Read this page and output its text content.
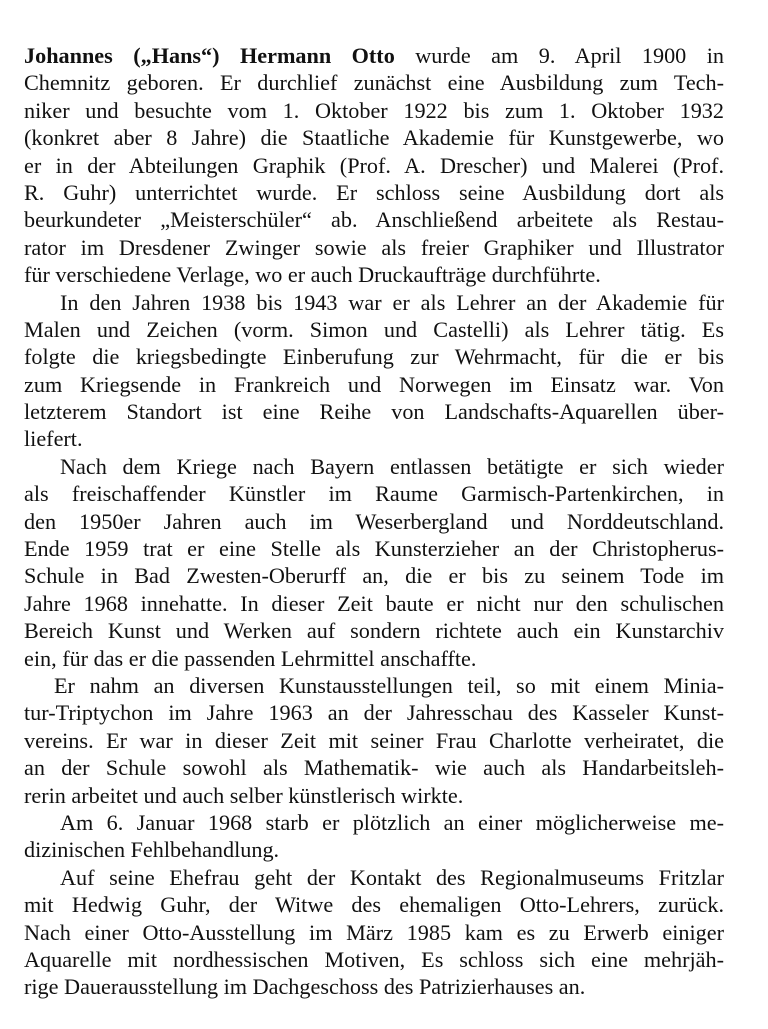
Johannes („Hans“) Hermann Otto wurde am 9. April 1900 in
Chemnitz geboren. Er durchlief zunächst eine Ausbildung zum Tech-
niker und besuchte vom 1. Oktober 1922 bis zum 1. Oktober 1932
(konkret aber 8 Jahre) die Staatliche Akademie für Kunstgewerbe, wo
er in der Abteilungen Graphik (Prof. A. Drescher) und Malerei (Prof.
R. Guhr) unterrichtet wurde. Er schloss seine Ausbildung dort als
beurkundeter „Meisterschüler“ ab. Anschließend arbeitete als Restau-
rator im Dresdener Zwinger sowie als freier Graphiker und Illustrator
für verschiedene Verlage, wo er auch Druckaufträge durchführte.
In den Jahren 1938 bis 1943 war er als Lehrer an der Akademie für
Malen und Zeichen (vorm. Simon und Castelli) als Lehrer tätig. Es
folgte die kriegsbedingte Einberufung zur Wehrmacht, für die er bis
zum Kriegsende in Frankreich und Norwegen im Einsatz war. Von
letzterem Standort ist eine Reihe von Landschafts-Aquarellen über-
liefert.
Nach dem Kriege nach Bayern entlassen betätigte er sich wieder
als freischaffender Künstler im Raume Garmisch-Partenkirchen, in
den 1950er Jahren auch im Weserbergland und Norddeutschland.
Ende 1959 trat er eine Stelle als Kunsterzieher an der Christopherus-
Schule in Bad Zwesten-Oberurff an, die er bis zu seinem Tode im
Jahre 1968 innehatte. In dieser Zeit baute er nicht nur den schulischen
Bereich Kunst und Werken auf sondern richtete auch ein Kunstarchiv
ein, für das er die passenden Lehrmittel anschaffte.
Er nahm an diversen Kunstausstellungen teil, so mit einem Minia-
tur-Triptychon im Jahre 1963 an der Jahresschau des Kasseler Kunst-
vereins. Er war in dieser Zeit mit seiner Frau Charlotte verheiratet, die
an der Schule sowohl als Mathematik- wie auch als Handarbeitsleh-
rerin arbeitet und auch selber künstlerisch wirkte.
Am 6. Januar 1968 starb er plötzlich an einer möglicherweise me-
dizinischen Fehlbehandlung.
Auf seine Ehefrau geht der Kontakt des Regionalmuseums Fritzlar
mit Hedwig Guhr, der Witwe des ehemaligen Otto-Lehrers, zurück.
Nach einer Otto-Ausstellung im März 1985 kam es zu Erwerb einiger
Aquarelle mit nordhessischen Motiven, Es schloss sich eine mehrjäh-
rige Dauerausstellung im Dachgeschoss des Patrizierhauses an.
